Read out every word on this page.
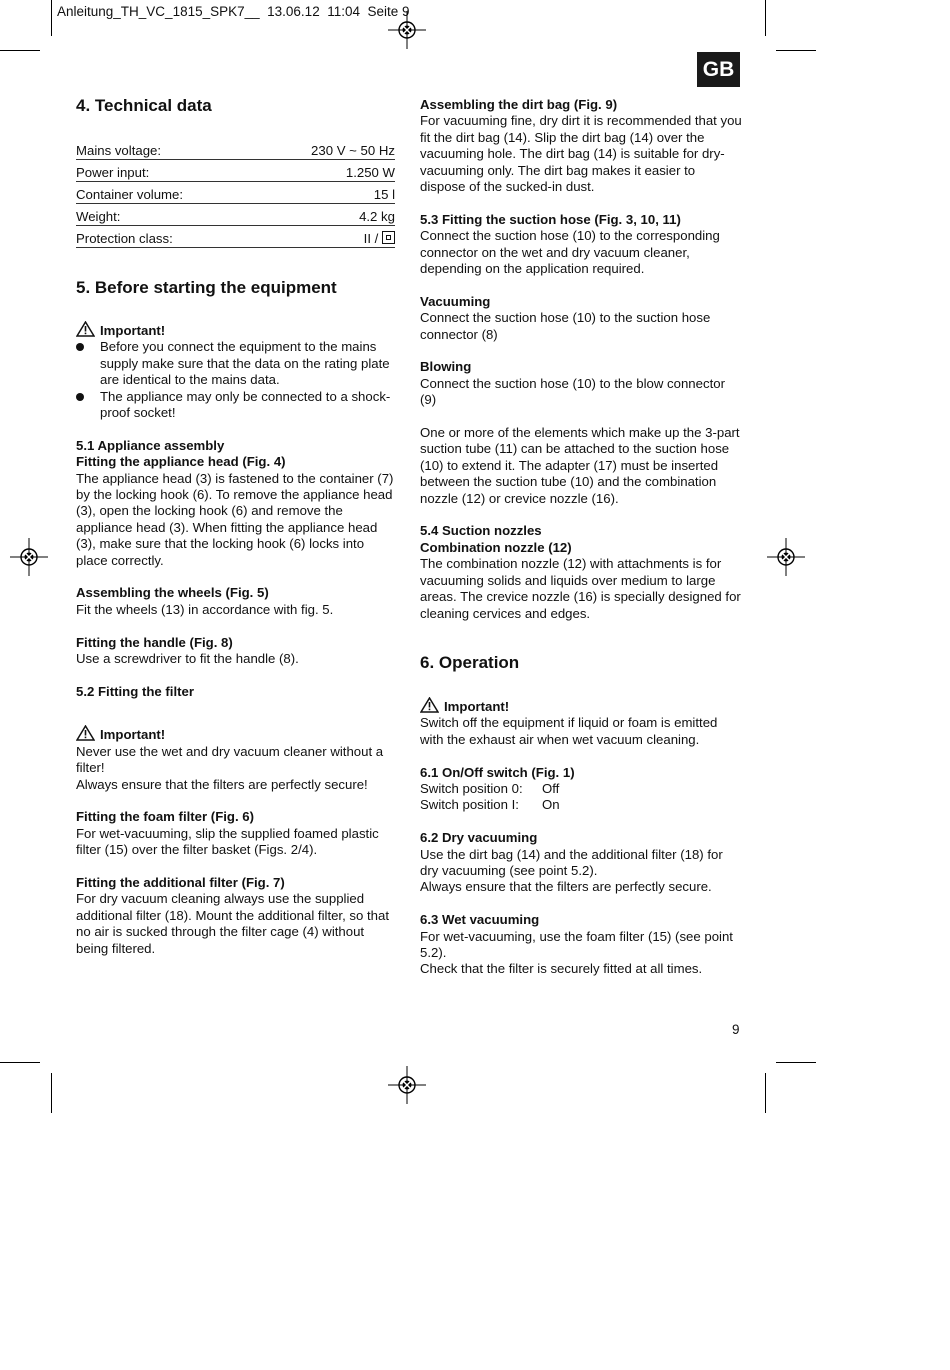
Anleitung_TH_VC_1815_SPK7__  13.06.12  11:04  Seite 9
GB

4. Technical data

Mains voltage:	230 V ~ 50 Hz
Power input:	1.250 W
Container volume:	15 l
Weight:	4.2 kg
Protection class:	II /

5. Before starting the equipment

Important!

Before you connect the equipment to the mains supply make sure that the data on the rating plate are identical to the mains data.

The appliance may only be connected to a shock-proof socket!

5.1 Appliance assembly

Fitting the appliance head (Fig. 4)

The appliance head (3) is fastened to the container (7) by the locking hook (6). To remove the appliance head (3), open the locking hook (6) and remove the appliance head (3). When fitting the appliance head (3), make sure that the locking hook (6) locks into place correctly.

Assembling the wheels (Fig. 5)

Fit the wheels (13) in accordance with fig. 5.

Fitting the handle (Fig. 8)

Use a screwdriver to fit the handle (8).

5.2 Fitting the filter

Important!

Never use the wet and dry vacuum cleaner without a filter!

Always ensure that the filters are perfectly secure!

Fitting the foam filter (Fig. 6)

For wet-vacuuming, slip the supplied foamed plastic filter (15) over the filter basket (Figs. 2/4).

Fitting the additional filter (Fig. 7)

For dry vacuum cleaning always use the supplied additional filter (18). Mount the additional filter, so that no air is sucked through the filter cage (4) without being filtered.

Assembling the dirt bag (Fig. 9)

For vacuuming fine, dry dirt it is recommended that you fit the dirt bag (14). Slip the dirt bag (14) over the vacuuming hole. The dirt bag (14) is suitable for dry-vacuuming only. The dirt bag makes it easier to dispose of the sucked-in dust.

5.3 Fitting the suction hose (Fig. 3, 10, 11)

Connect the suction hose (10) to the corresponding connector on the wet and dry vacuum cleaner, depending on the application required.

Vacuuming

Connect the suction hose (10) to the suction hose connector (8)

Blowing

Connect the suction hose (10) to the blow connector (9)

One or more of the elements which make up the 3-part suction tube (11) can be attached to the suction hose (10) to extend it. The adapter (17) must be inserted between the suction tube (10) and the combination nozzle (12) or crevice nozzle (16).

5.4 Suction nozzles

Combination nozzle (12)

The combination nozzle (12) with attachments is for vacuuming solids and liquids over medium to large areas. The crevice nozzle (16) is specially designed for cleaning cervices and edges.

6. Operation

Important!

Switch off the equipment if liquid or foam is emitted with the exhaust air when wet vacuum cleaning.

6.1 On/Off switch (Fig. 1)

Switch position 0:	Off
Switch position I:	On

6.2 Dry vacuuming

Use the dirt bag (14) and the additional filter (18) for dry vacuuming (see point 5.2).

Always ensure that the filters are perfectly secure.

6.3 Wet vacuuming

For wet-vacuuming, use the foam filter (15) (see point 5.2).

Check that the filter is securely fitted at all times.

9
